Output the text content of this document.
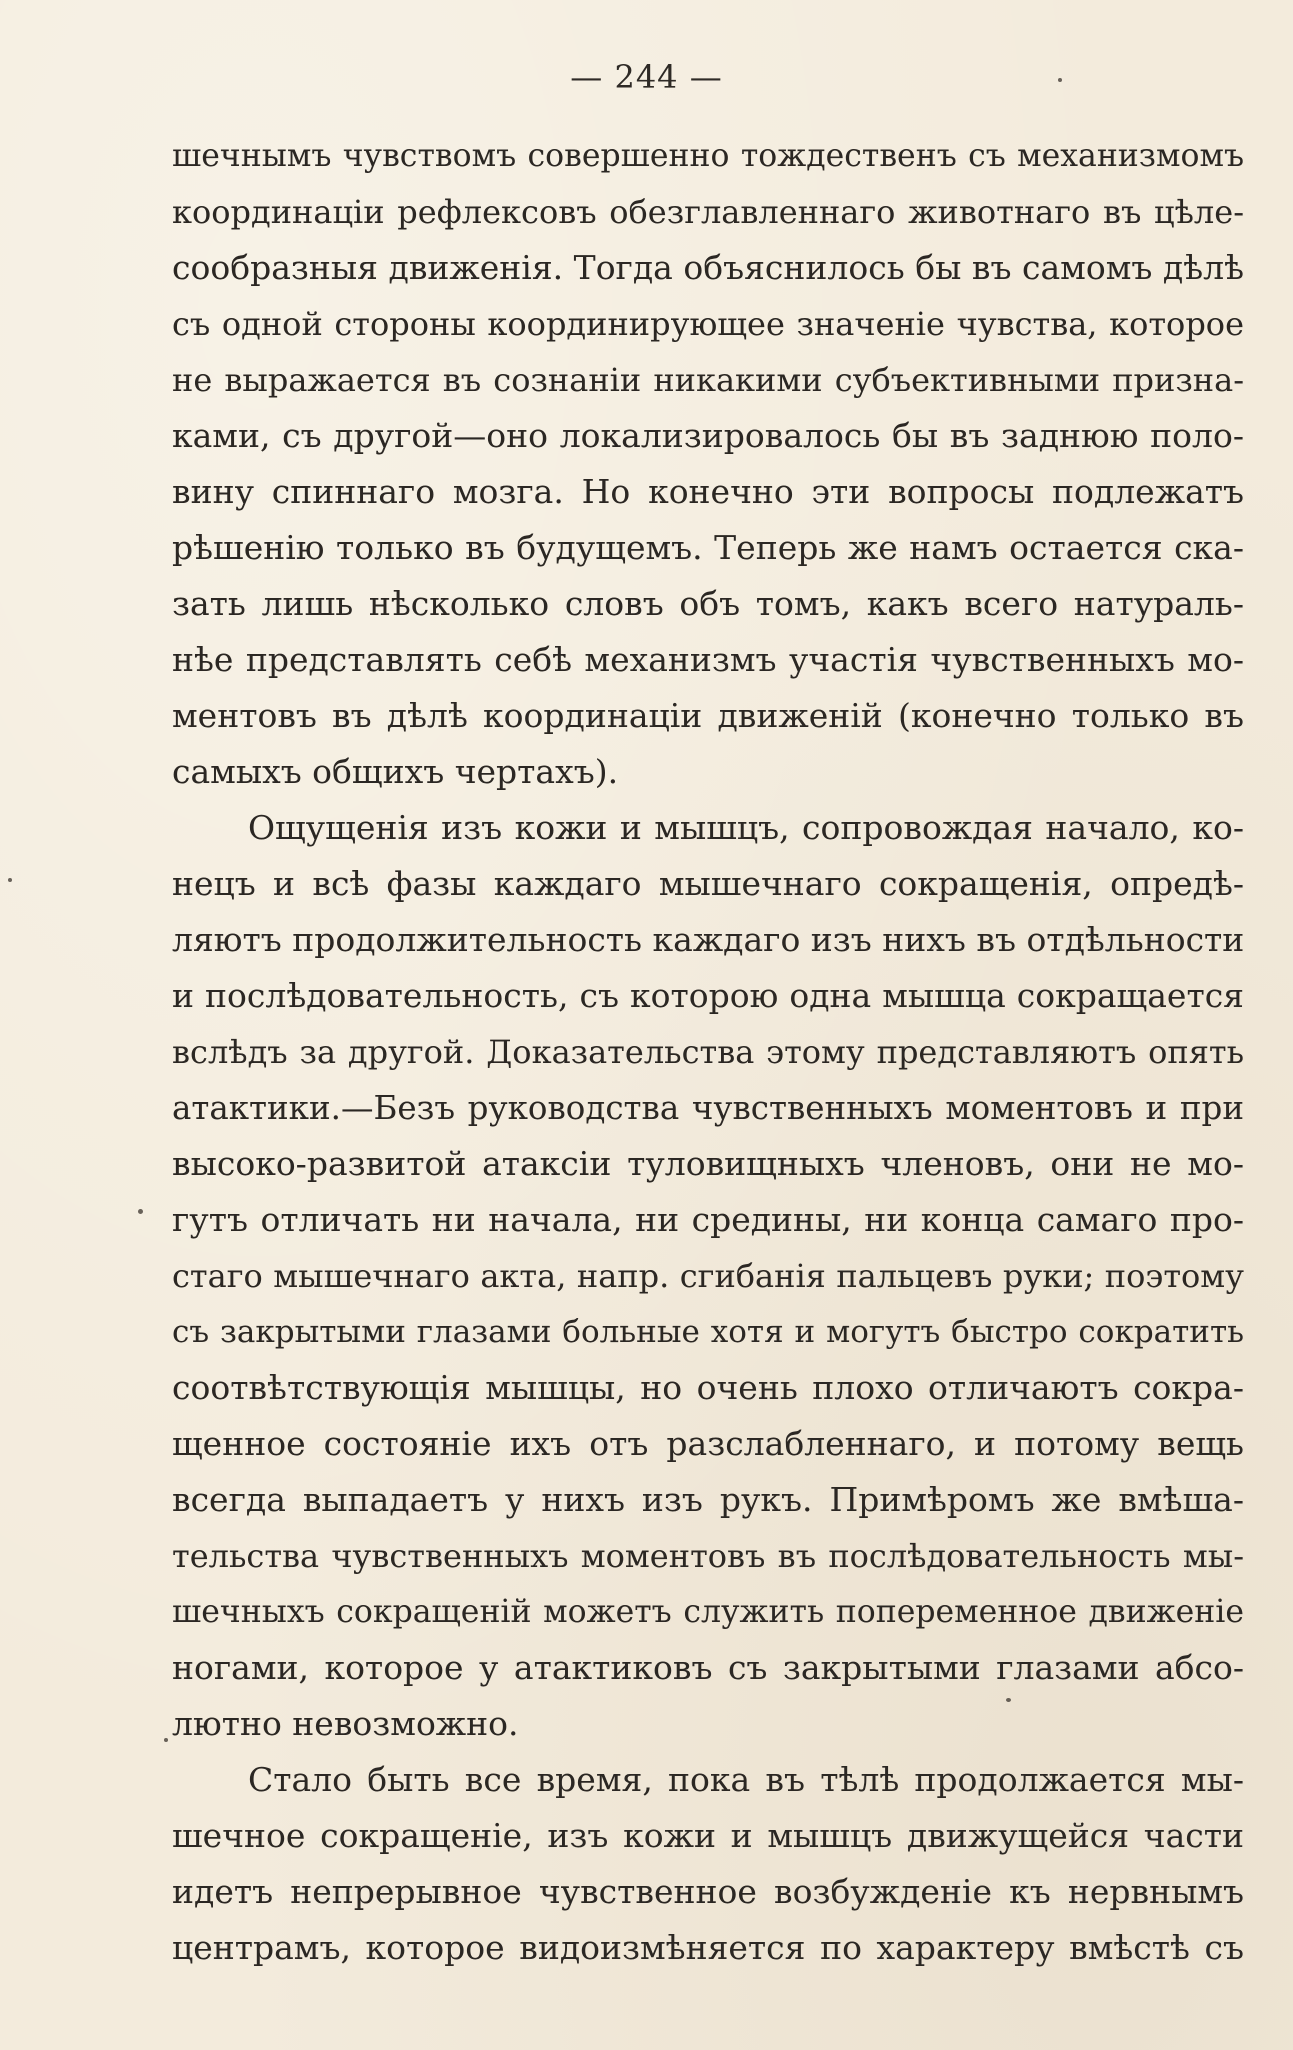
— 244 —
шечнымъ чувствомъ совершенно тождественъ съ механизмомъ
координаціи рефлексовъ обезглавленнаго животнаго въ цѣле-
сообразныя движенія. Тогда объяснилось бы въ самомъ дѣлѣ
съ одной стороны координирующее значеніе чувства, которое
не выражается въ сознаніи никакими субъективными призна-
ками, съ другой—оно локализировалось бы въ заднюю поло-
вину спиннаго мозга. Но конечно эти вопросы подлежатъ
рѣшенію только въ будущемъ. Теперь же намъ остается ска-
зать лишь нѣсколько словъ объ томъ, какъ всего натураль-
нѣе представлять себѣ механизмъ участія чувственныхъ мо-
ментовъ въ дѣлѣ координаціи движеній (конечно только въ
самыхъ общихъ чертахъ).
Ощущенія изъ кожи и мышцъ, сопровождая начало, ко-
нецъ и всѣ фазы каждаго мышечнаго сокращенія, опредѣ-
ляютъ продолжительность каждаго изъ нихъ въ отдѣльности
и послѣдовательность, съ которою одна мышца сокращается
вслѣдъ за другой. Доказательства этому представляютъ опять
атактики.—Безъ руководства чувственныхъ моментовъ и при
высоко-развитой атаксіи туловищныхъ членовъ, они не мо-
гутъ отличать ни начала, ни средины, ни конца самаго про-
стаго мышечнаго акта, напр. сгибанія пальцевъ руки; поэтому
съ закрытыми глазами больные хотя и могутъ быстро сократить
соотвѣтствующія мышцы, но очень плохо отличаютъ сокра-
щенное состояніе ихъ отъ разслабленнаго, и потому вещь
всегда выпадаетъ у нихъ изъ рукъ. Примѣромъ же вмѣша-
тельства чувственныхъ моментовъ въ послѣдовательность мы-
шечныхъ сокращеній можетъ служить попеременное движеніе
ногами, которое у атактиковъ съ закрытыми глазами абсо-
лютно невозможно.
Стало быть все время, пока въ тѣлѣ продолжается мы-
шечное сокращеніе, изъ кожи и мышцъ движущейся части
идетъ непрерывное чувственное возбужденіе къ нервнымъ
центрамъ, которое видоизмѣняется по характеру вмѣстѣ съ
